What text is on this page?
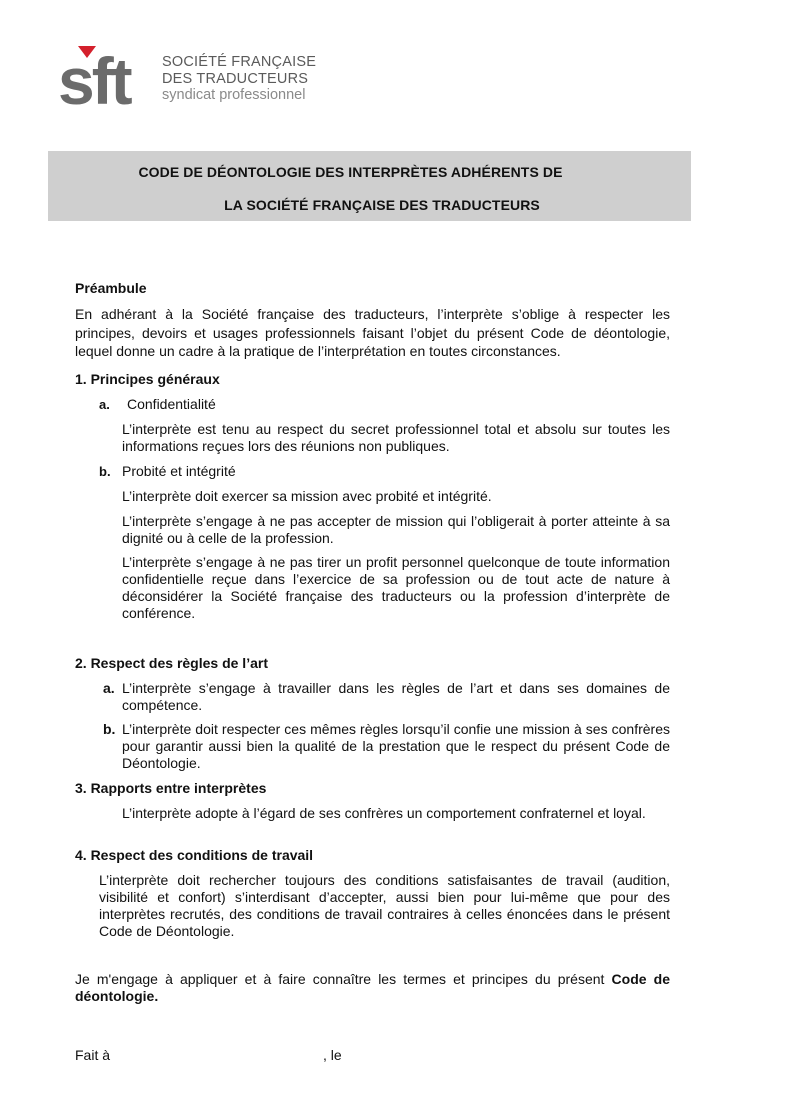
sft SOCIÉTÉ FRANÇAISE
DES TRADUCTEURS
syndicat professionnel
CODE DE DÉONTOLOGIE DES INTERPRÈTES ADHÉRENTS DE
LA SOCIÉTÉ FRANÇAISE DES TRADUCTEURS
Préambule
En adhérant à la Société française des traducteurs, l’interprète s’oblige à respecter les principes, devoirs et usages professionnels faisant l’objet du présent Code de déontologie, lequel donne un cadre à la pratique de l’interprétation en toutes circonstances.
1. Principes généraux
a. Confidentialité
L’interprète est tenu au respect du secret professionnel total et absolu sur toutes les informations reçues lors des réunions non publiques.
b. Probité et intégrité
L’interprète doit exercer sa mission avec probité et intégrité.
L’interprète s’engage à ne pas accepter de mission qui l’obligerait à porter atteinte à sa dignité ou à celle de la profession.
L’interprète s’engage à ne pas tirer un profit personnel quelconque de toute information confidentielle reçue dans l’exercice de sa profession ou de tout acte de nature à déconsidérer la Société française des traducteurs ou la profession d’interprète de conférence.
2. Respect des règles de l’art
a. L’interprète s’engage à travailler dans les règles de l’art et dans ses domaines de compétence.
b. L’interprète doit respecter ces mêmes règles lorsqu’il confie une mission à ses confrères pour garantir aussi bien la qualité de la prestation que le respect du présent Code de Déontologie.
3. Rapports entre interprètes
L’interprète adopte à l’égard de ses confrères un comportement confraternel et loyal.
4. Respect des conditions de travail
L’interprète doit rechercher toujours des conditions satisfaisantes de travail (audition, visibilité et confort) s’interdisant d’accepter, aussi bien pour lui-même que pour des interprètes recrutés, des conditions de travail contraires à celles énoncées dans le présent Code de Déontologie.
Je m'engage à appliquer et à faire connaître les termes et principes du présent Code de déontologie.
Fait à	, le
